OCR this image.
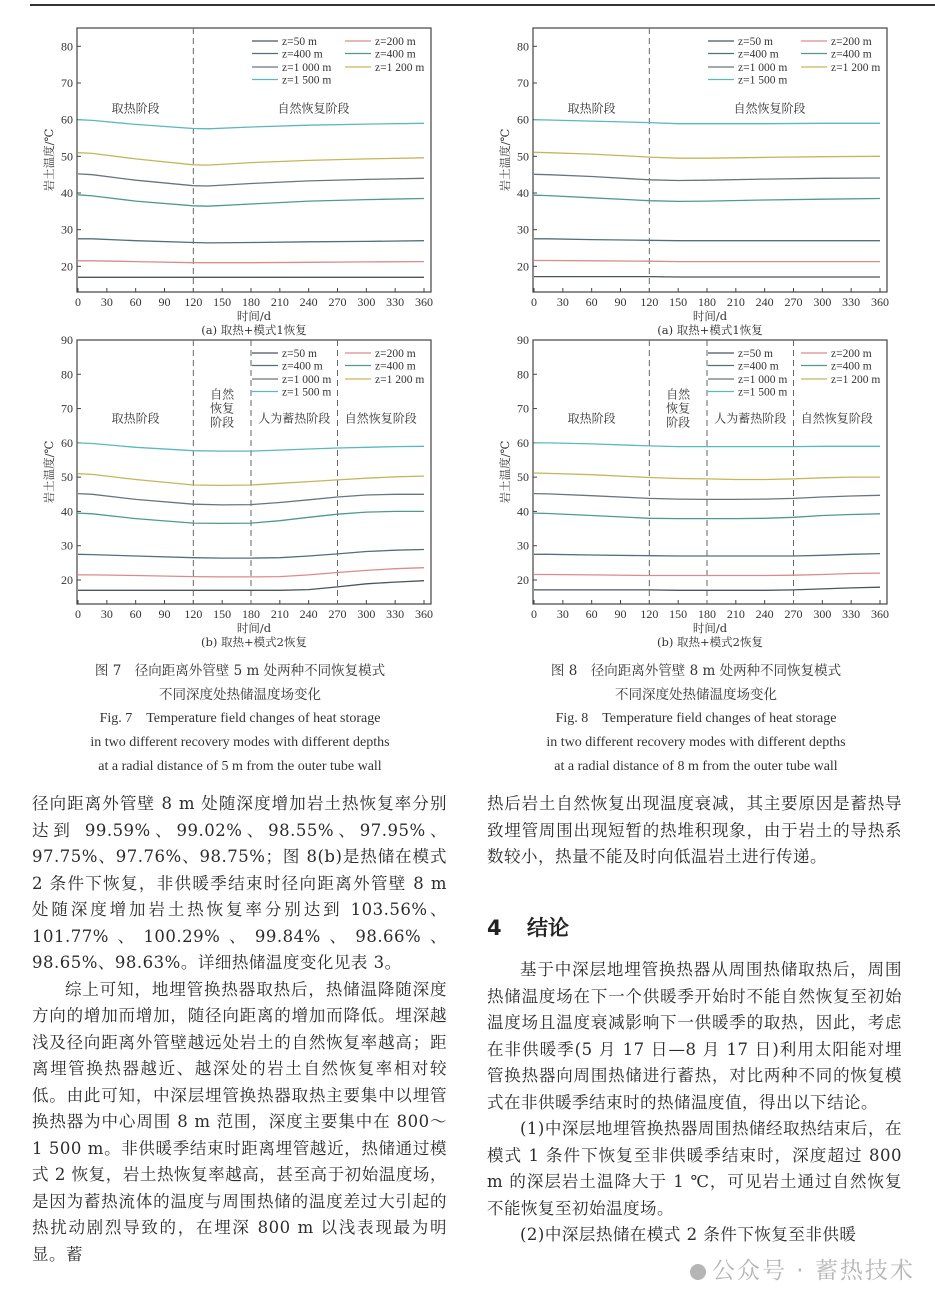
20
30
40
50
60
70
80
0 30 60 90 120 150 180 210 240 270 300 330 360
时间/d
(a) 取热+模式1恢复
岩土温度/℃
取热阶段	自然恢复阶段
z=50 m	z=200 m
z=400 m	z=400 m
z=1 000 m	z=1 200 m
z=1 500 m
20
30
40
50
60
70
80
90
0 30 60 90 120 150 180 210 240 270 300 330 360
时间/d
(b) 取热+模式2恢复
岩土温度/℃
取热阶段
自然
恢复
阶段 人为蓄热阶段 自然恢复阶段
z=50 m	z=200 m
z=400 m	z=400 m
z=1 000 m	z=1 200 m
z=1 500 m
20
30
40
50
60
70
80
0 30 60 90 120 150 180 210 240 270 300 330 360
时间/d
(a) 取热+模式1恢复
岩土温度/℃
取热阶段	自然恢复阶段
z=50 m	z=200 m
z=400 m	z=400 m
z=1 000 m	z=1 200 m
z=1 500 m
20
30
40
50
60
70
80
90
0 30 60 90 120 150 180 210 240 270 300 330 360
时间/d
(b) 取热+模式2恢复
岩土温度/℃
取热阶段
自然
恢复
阶段 人为蓄热阶段 自然恢复阶段
z=50 m	z=200 m
z=400 m	z=400 m
z=1 000 m	z=1 200 m
z=1 500 m
图 7　径向距离外管壁 5 m 处两种不同恢复模式
不同深度处热储温度场变化
Fig. 7　Temperature field changes of heat storage
in two different recovery modes with different depths
at a radial distance of 5 m from the outer tube wall
图 8　径向距离外管壁 8 m 处两种不同恢复模式
不同深度处热储温度场变化
Fig. 8　Temperature field changes of heat storage
in two different recovery modes with different depths
at a radial distance of 8 m from the outer tube wall

径向距离外管壁 8 m 处随深度增加岩土热恢复率分别达到 99.59%、99.02%、98.55%、97.95%、97.75%、97.76%、98.75%；图 8(b)是热储在模式 2 条件下恢复，非供暖季结束时径向距离外管壁 8 m 处随深度增加岩土热恢复率分别达到 103.56%、101.77%、100.29%、99.84%、98.66%、98.65%、98.63%。详细热储温度变化见表 3。

综上可知，地埋管换热器取热后，热储温降随深度方向的增加而增加，随径向距离的增加而降低。埋深越浅及径向距离外管壁越远处岩土的自然恢复率越高；距离埋管换热器越近、越深处的岩土自然恢复率相对较低。由此可知，中深层埋管换热器取热主要集中以埋管换热器为中心周围 8 m 范围，深度主要集中在 800～1 500 m。非供暖季结束时距离埋管越近，热储通过模式 2 恢复，岩土热恢复率越高，甚至高于初始温度场，是因为蓄热流体的温度与周围热储的温度差过大引起的热扰动剧烈导致的，在埋深 800 m 以浅表现最为明显。蓄

热后岩土自然恢复出现温度衰减，其主要原因是蓄热导致埋管周围出现短暂的热堆积现象，由于岩土的导热系数较小，热量不能及时向低温岩土进行传递。

4 结论

基于中深层地埋管换热器从周围热储取热后，周围热储温度场在下一个供暖季开始时不能自然恢复至初始温度场且温度衰减影响下一供暖季的取热，因此，考虑在非供暖季(5 月 17 日—8 月 17 日)利用太阳能对埋管换热器向周围热储进行蓄热，对比两种不同的恢复模式在非供暖季结束时的热储温度值，得出以下结论。

(1)中深层地埋管换热器周围热储经取热结束后，在模式 1 条件下恢复至非供暖季结束时，深度超过 800 m 的深层岩土温降大于 1 ℃，可见岩土通过自然恢复不能恢复至初始温度场。

(2)中深层热储在模式 2 条件下恢复至非供暖

公众号 · 蓄热技术
